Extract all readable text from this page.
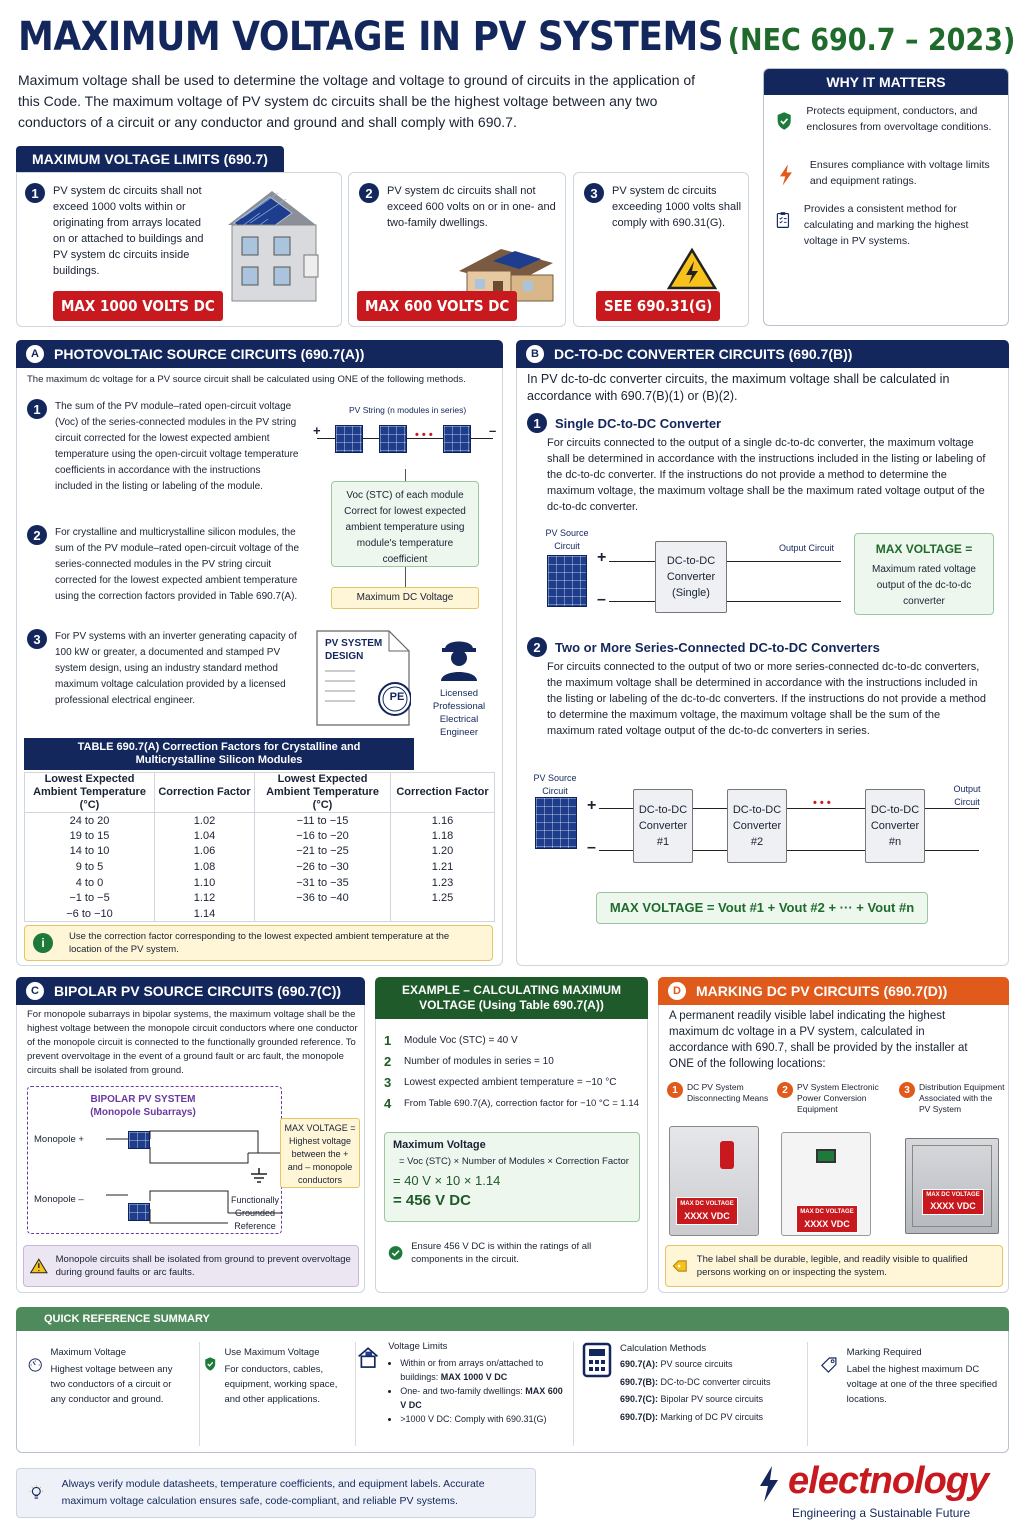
MAXIMUM VOLTAGE IN PV SYSTEMS (NEC 690.7 – 2023)
Maximum voltage shall be used to determine the voltage and voltage to ground of circuits in the application of this Code. The maximum voltage of PV system dc circuits shall be the highest voltage between any two conductors of a circuit or any conductor and ground and shall comply with 690.7.
WHY IT MATTERS
Protects equipment, conductors, and enclosures from overvoltage conditions.
Ensures compliance with voltage limits and equipment ratings.
Provides a consistent method for calculating and marking the highest voltage in PV systems.
MAXIMUM VOLTAGE LIMITS (690.7)
1	PV system dc circuits shall not exceed 1000 volts within or originating from arrays located on or attached to buildings and PV system dc circuits inside buildings.
MAX 1000 VOLTS DC
2	PV system dc circuits shall not exceed 600 volts on or in one- and two-family dwellings.
MAX 600 VOLTS DC
3	PV system dc circuits exceeding 1000 volts shall comply with 690.31(G).
SEE 690.31(G)
A	PHOTOVOLTAIC SOURCE CIRCUITS (690.7(A))
The maximum dc voltage for a PV source circuit shall be calculated using ONE of the following methods.
1	The sum of the PV module–rated open-circuit voltage (Voc) of the series-connected modules in the PV string circuit corrected for the lowest expected ambient temperature using the open-circuit voltage temperature coefficients in accordance with the instructions included in the listing or labeling of the module.
2	For crystalline and multicrystalline silicon modules, the sum of the PV module–rated open-circuit voltage of the series-connected modules in the PV string circuit corrected for the lowest expected ambient temperature using the correction factors provided in Table 690.7(A).
3	For PV systems with an inverter generating capacity of 100 kW or greater, a documented and stamped PV system design, using an industry standard method maximum voltage calculation provided by a licensed professional electrical engineer.
PV String (n modules in series)
+	–
• • •
Voc (STC) of each module Correct for lowest expected ambient temperature using module's temperature coefficient
Maximum DC Voltage
PV SYSTEM DESIGN
PE	Licensed Professional Electrical Engineer
TABLE 690.7(A) Correction Factors for Crystalline and Multicrystalline Silicon Modules
Lowest Expected Ambient Temperature (°C)	Correction Factor	Lowest Expected Ambient Temperature (°C)	Correction Factor
24 to 20	1.02	−11 to −15	1.16
19 to 15	1.04	−16 to −20	1.18
14 to 10	1.06	−21 to −25	1.20
9 to 5	1.08	−26 to −30	1.21
4 to 0	1.10	−31 to −35	1.23
−1 to −5	1.12	−36 to −40	1.25
−6 to −10	1.14		
i	Use the correction factor corresponding to the lowest expected ambient temperature at the location of the PV system.
B	DC-TO-DC CONVERTER CIRCUITS (690.7(B))
In PV dc-to-dc converter circuits, the maximum voltage shall be calculated in accordance with 690.7(B)(1) or (B)(2).
1	Single DC-to-DC Converter
For circuits connected to the output of a single dc-to-dc converter, the maximum voltage shall be determined in accordance with the instructions included in the listing or labeling of the dc-to-dc converter. If the instructions do not provide a method to determine the maximum voltage, the maximum voltage shall be the maximum rated voltage output of the dc-to-dc converter.
PV Source Circuit
+
–
DC-to-DC Converter (Single)
Output Circuit	MAX VOLTAGE =
Maximum rated voltage output of the dc-to-dc converter
2	Two or More Series-Connected DC-to-DC Converters
For circuits connected to the output of two or more series-connected dc-to-dc converters, the maximum voltage shall be determined in accordance with the instructions included in the listing or labeling of the dc-to-dc converters. If the instructions do not provide a method to determine the maximum voltage, the maximum voltage shall be the sum of the maximum rated voltage output of the dc-to-dc converters in series.
PV Source Circuit
+
–
DC-to-DC Converter #1
DC-to-DC Converter #2
• • •
DC-to-DC Converter #n
Output Circuit
MAX VOLTAGE = Vout #1 + Vout #2 + ··· + Vout #n
C	BIPOLAR PV SOURCE CIRCUITS (690.7(C))
For monopole subarrays in bipolar systems, the maximum voltage shall be the highest voltage between the monopole circuit conductors where one conductor of the monopole circuit is connected to the functionally grounded reference. To prevent overvoltage in the event of a ground fault or arc fault, the monopole circuits shall be isolated from ground.
BIPOLAR PV SYSTEM (Monopole Subarrays)
Monopole +
Monopole –
MAX VOLTAGE = Highest voltage between the + and – monopole conductors
Functionally Grounded Reference
Monopole circuits shall be isolated from ground to prevent overvoltage during ground faults or arc faults.
EXAMPLE – CALCULATING MAXIMUM VOLTAGE (Using Table 690.7(A))
1	Module Voc (STC) = 40 V
2	Number of modules in series = 10
3	Lowest expected ambient temperature = −10 °C
4	From Table 690.7(A), correction factor for −10 °C = 1.14
Maximum Voltage
= Voc (STC) × Number of Modules × Correction Factor
= 40 V × 10 × 1.14
= 456 V DC
Ensure 456 V DC is within the ratings of all components in the circuit.
D	MARKING DC PV CIRCUITS (690.7(D))
A permanent readily visible label indicating the highest maximum dc voltage in a PV system, calculated in accordance with 690.7, shall be provided by the installer at ONE of the following locations:
1	DC PV System Disconnecting Means
2	PV System Electronic Power Conversion Equipment
3	Distribution Equipment Associated with the PV System
MAX DC VOLTAGE
XXXX VDC	MAX DC VOLTAGE
XXXX VDC
MAX DC VOLTAGE
XXXX VDC
The label shall be durable, legible, and readily visible to qualified persons working on or inspecting the system.
QUICK REFERENCE SUMMARY
Maximum Voltage
Highest voltage between any two conductors of a circuit or any conductor and ground.
Use Maximum Voltage
For conductors, cables, equipment, working space, and other applications.
Voltage Limits
• Within or from arrays on/attached to buildings: MAX 1000 V DC
• One- and two-family dwellings: MAX 600 V DC
• >1000 V DC: Comply with 690.31(G)
Calculation Methods
690.7(A): PV source circuits
690.7(B): DC-to-DC converter circuits
690.7(C): Bipolar PV source circuits
690.7(D): Marking of DC PV circuits
Marking Required
Label the highest maximum DC voltage at one of the three specified locations.
Always verify module datasheets, temperature coefficients, and equipment labels. Accurate maximum voltage calculation ensures safe, code-compliant, and reliable PV systems.	electnology
Engineering a Sustainable Future
